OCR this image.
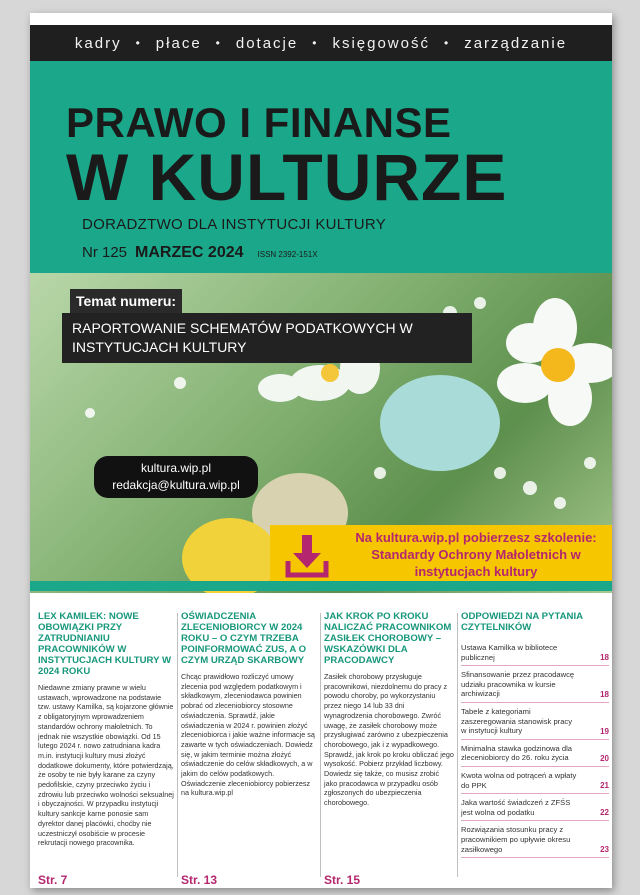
kadry • płace • dotacje • księgowość • zarządzanie
PRAWO I FINANSE
W KULTURZE
DORADZTWO DLA INSTYTUCJI KULTURY
Nr 125 MARZEC 2024 ISSN 2392-151X
Temat numeru:
RAPORTOWANIE SCHEMATÓW PODATKOWYCH W INSTYTUCJACH KULTURY
kultura.wip.pl
redakcja@kultura.wip.pl
Na kultura.wip.pl pobierzesz szkolenie: Standardy Ochrony Małoletnich w instytucjach kultury
LEX KAMILEK: NOWE OBOWIĄZKI PRZY ZATRUDNIANIU PRACOWNIKÓW W INSTYTUCJACH KULTURY W 2024 ROKU

Niedawne zmiany prawne w wielu ustawach, wprowadzone na podstawie tzw. ustawy Kamilka, są kojarzone głównie z obligatoryjnym wprowadzeniem standardów ochrony małoletnich. To jednak nie wszystkie obowiązki. Od 15 lutego 2024 r. nowo zatrudniana kadra m.in. instytucji kultury musi złożyć dodatkowe dokumenty, które potwierdzają, że osoby te nie były karane za czyny pedofilskie, czyny przeciwko życiu i zdrowiu lub przeciwko wolności seksualnej i obyczajności. W przypadku instytucji kultury sankcje karne ponosie sam dyrektor danej placówki, choćby nie uczestniczył osobiście w procesie rekrutacji nowego pracownika.

Str. 7
OŚWIADCZENIA ZLECENIOBIORCY W 2024 ROKU – O CZYM TRZEBA POINFORMOWAĆ ZUS, A O CZYM URZĄD SKARBOWY

Chcąc prawidłowo rozliczyć umowy zlecenia pod względem podatkowym i składkowym, zleceniodawca powinien pobrać od zleceniobiorcy stosowne oświadczenia. Sprawdź, jakie oświadczenia w 2024 r. powinien złożyć zleceniobiorca i jakie ważne informacje są zawarte w tych oświadczeniach. Dowiedz się, w jakim terminie można złożyć oświadczenie do celów składkowych, a w jakim do celów podatkowych. Oświadczenie zleceniobiorcy pobierzesz na kultura.wip.pl

Str. 13
JAK KROK PO KROKU NALICZAĆ PRACOWNIKOM ZASIŁEK CHOROBOWY – WSKAZÓWKI DLA PRACODAWCY

Zasiłek chorobowy przysługuje pracownikowi, niezdolnemu do pracy z powodu choroby, po wykorzystaniu przez niego 14 lub 33 dni wynagrodzenia chorobowego. Zwróć uwagę, że zasiłek chorobowy może przysługiwać zarówno z ubezpieczenia chorobowego, jak i z wypadkowego. Sprawdź, jak krok po kroku obliczać jego wysokość. Pobierz przykład liczbowy. Dowiedz się także, co musisz zrobić jako pracodawca w przypadku osób zgłoszonych do ubezpieczenia chorobowego.

Str. 15
ODPOWIEDZI NA PYTANIA CZYTELNIKÓW
Ustawa Kamilka w bibliotece publicznej	18
Sfinansowanie przez pracodawcę udziału pracownika w kursie archiwizacji	18
Tabele z kategoriami zaszeregowania stanowisk pracy w instytucji kultury	19
Minimalna stawka godzinowa dla zleceniobiorcy do 26. roku życia	20
Kwota wolna od potrąceń a wpłaty do PPK	21
Jaka wartość świadczeń z ZFŚS jest wolna od podatku	22
Rozwiązania stosunku pracy z pracownikiem po upływie okresu zasiłkowego	23
